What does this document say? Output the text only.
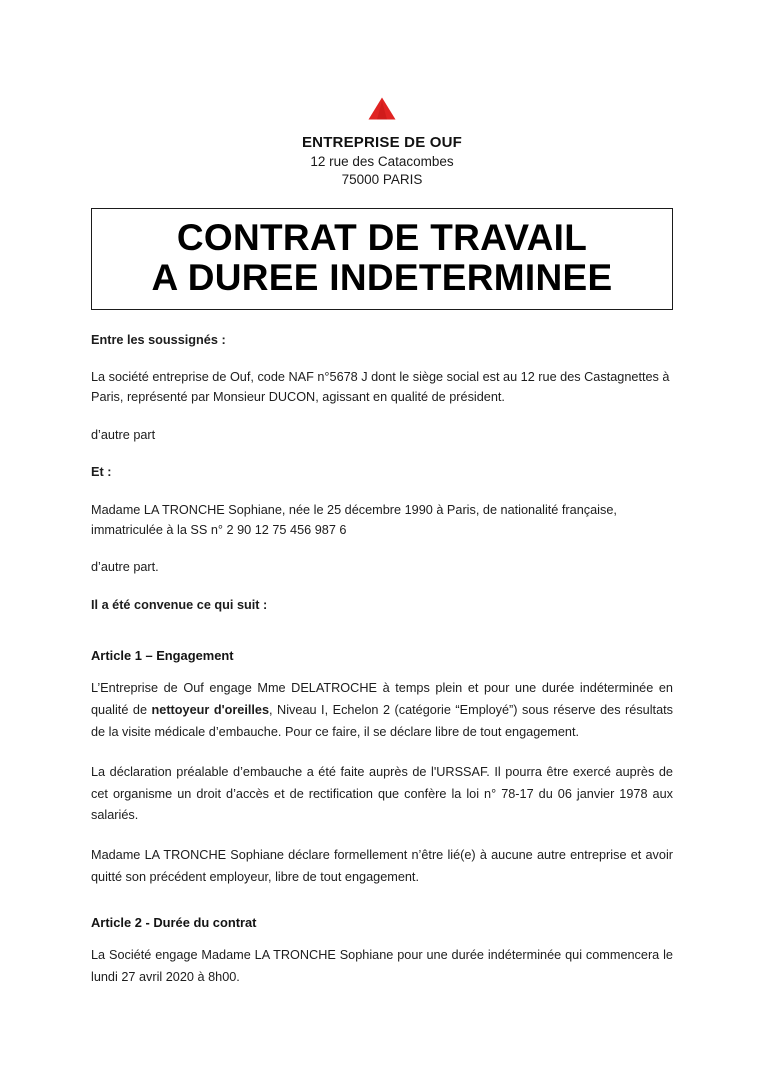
ENTREPRISE DE OUF
12 rue des Catacombes
75000 PARIS
CONTRAT DE TRAVAIL
A DUREE INDETERMINEE

Entre les soussignés :

La société entreprise de Ouf, code NAF n°5678 J dont le siège social est au 12 rue des Castagnettes à Paris, représenté par Monsieur DUCON, agissant en qualité de président.

d’autre part

Et :

Madame LA TRONCHE Sophiane, née le 25 décembre 1990 à Paris, de nationalité française, immatriculée à la SS n° 2 90 12 75 456 987 6

d’autre part.

Il a été convenue ce qui suit :

Article 1 – Engagement

L’Entreprise de Ouf engage Mme DELATROCHE à temps plein et pour une durée indéterminée en qualité de nettoyeur d'oreilles, Niveau I, Echelon 2 (catégorie “Employé”) sous réserve des résultats de la visite médicale d’embauche. Pour ce faire, il se déclare libre de tout engagement.

La déclaration préalable d’embauche a été faite auprès de l'URSSAF. Il pourra être exercé auprès de cet organisme un droit d’accès et de rectification que confère la loi n° 78-17 du 06 janvier 1978 aux salariés.

Madame LA TRONCHE Sophiane déclare formellement n’être lié(e) à aucune autre entreprise et avoir quitté son précédent employeur, libre de tout engagement.

Article 2 - Durée du contrat

La Société engage Madame LA TRONCHE Sophiane pour une durée indéterminée qui commencera le lundi 27 avril 2020 à 8h00.
